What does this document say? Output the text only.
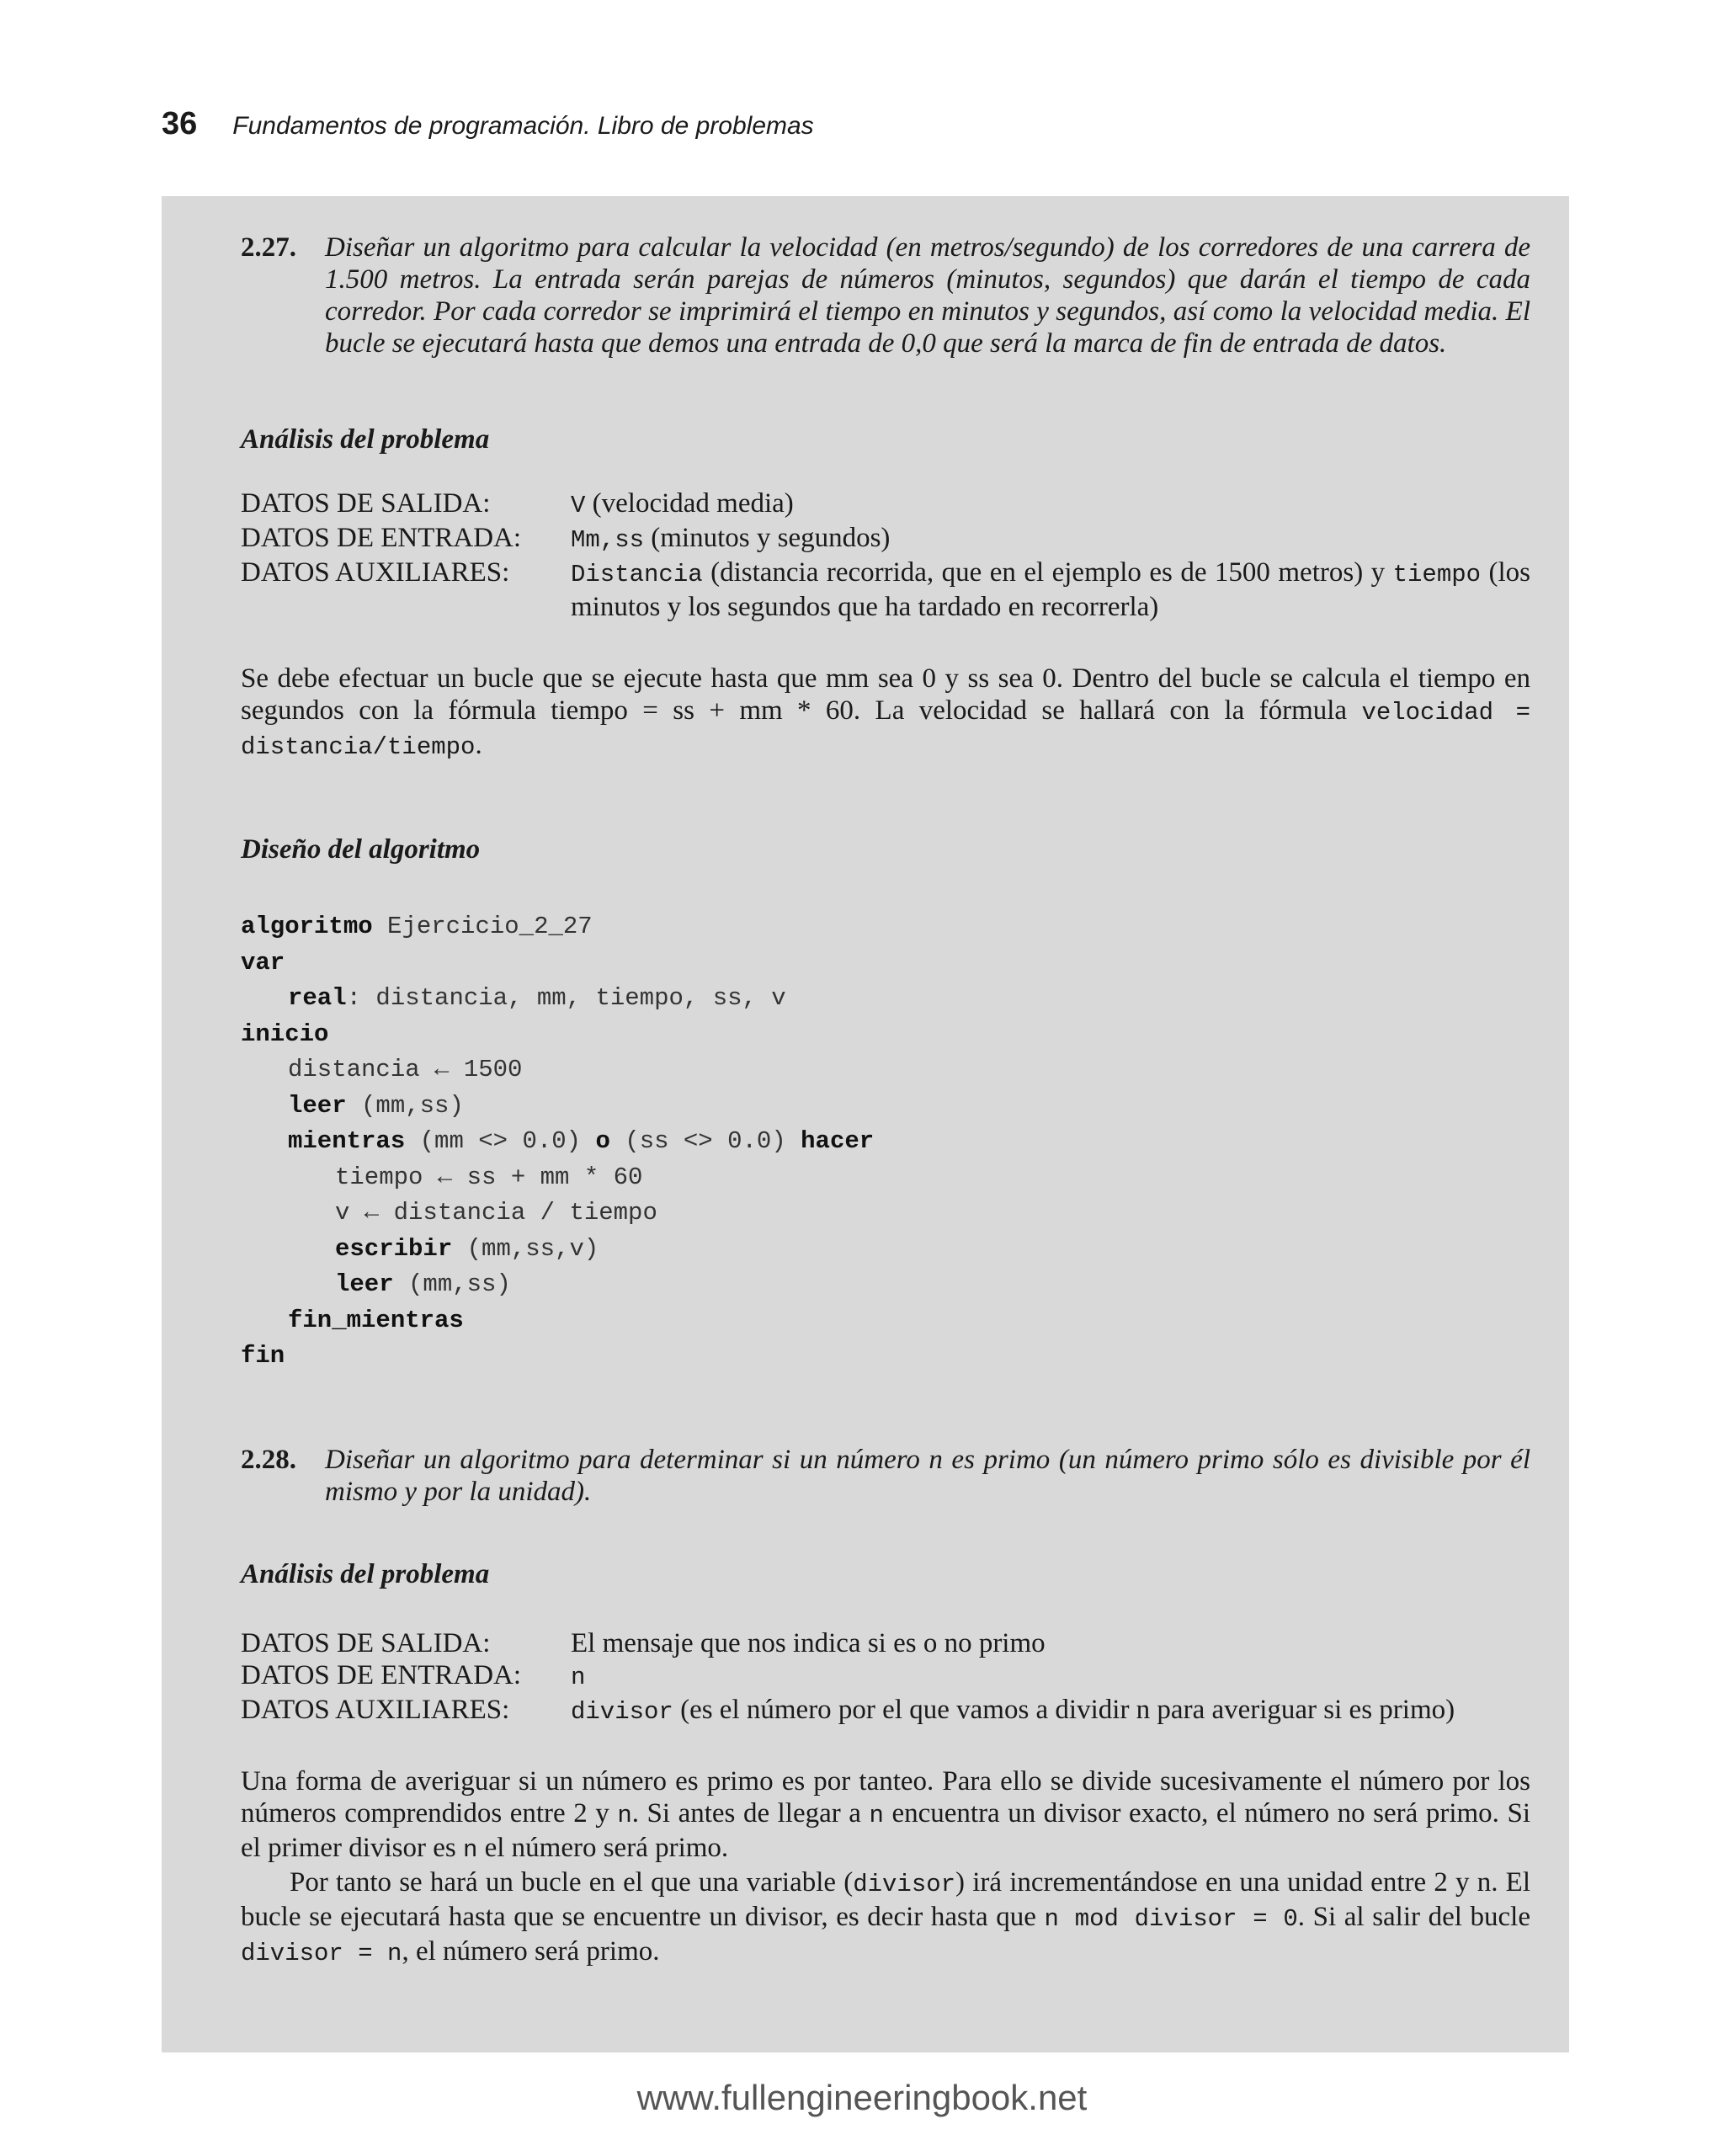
36 Fundamentos de programación. Libro de problemas
2.27.	Diseñar un algoritmo para calcular la velocidad (en metros/segundo) de los corredores de una carrera de 1.500 metros. La entrada serán parejas de números (minutos, segundos) que darán el tiempo de cada corredor. Por cada corredor se imprimirá el tiempo en minutos y segundos, así como la velocidad media. El bucle se ejecutará hasta que demos una entrada de 0,0 que será la marca de fin de entrada de datos.
Análisis del problema
DATOS DE SALIDA:	V (velocidad media)
DATOS DE ENTRADA:	Mm,ss (minutos y segundos)
DATOS AUXILIARES:	Distancia (distancia recorrida, que en el ejemplo es de 1500 metros) y tiempo (los minutos y los segundos que ha tardado en recorrerla)
Se debe efectuar un bucle que se ejecute hasta que mm sea 0 y ss sea 0. Dentro del bucle se calcula el tiempo en segundos con la fórmula tiempo = ss + mm * 60. La velocidad se hallará con la fórmula velocidad = distancia/tiempo.
Diseño del algoritmo
algoritmo Ejercicio_2_27
var
real: distancia, mm, tiempo, ss, v
inicio
distancia ← 1500
leer (mm,ss)
mientras (mm <> 0.0) o (ss <> 0.0) hacer
tiempo ← ss + mm * 60
v ← distancia / tiempo
escribir (mm,ss,v)
leer (mm,ss)
fin_mientras
fin
2.28.	Diseñar un algoritmo para determinar si un número n es primo (un número primo sólo es divisible por él mismo y por la unidad).
Análisis del problema
DATOS DE SALIDA:	El mensaje que nos indica si es o no primo
DATOS DE ENTRADA:	n
DATOS AUXILIARES:	divisor (es el número por el que vamos a dividir n para averiguar si es primo)
Una forma de averiguar si un número es primo es por tanteo. Para ello se divide sucesivamente el número por los números comprendidos entre 2 y n. Si antes de llegar a n encuentra un divisor exacto, el número no será primo. Si el primer divisor es n el número será primo.
Por tanto se hará un bucle en el que una variable (divisor) irá incrementándose en una unidad entre 2 y n. El bucle se ejecutará hasta que se encuentre un divisor, es decir hasta que n mod divisor = 0. Si al salir del bucle divisor = n, el número será primo.
www.fullengineeringbook.net
